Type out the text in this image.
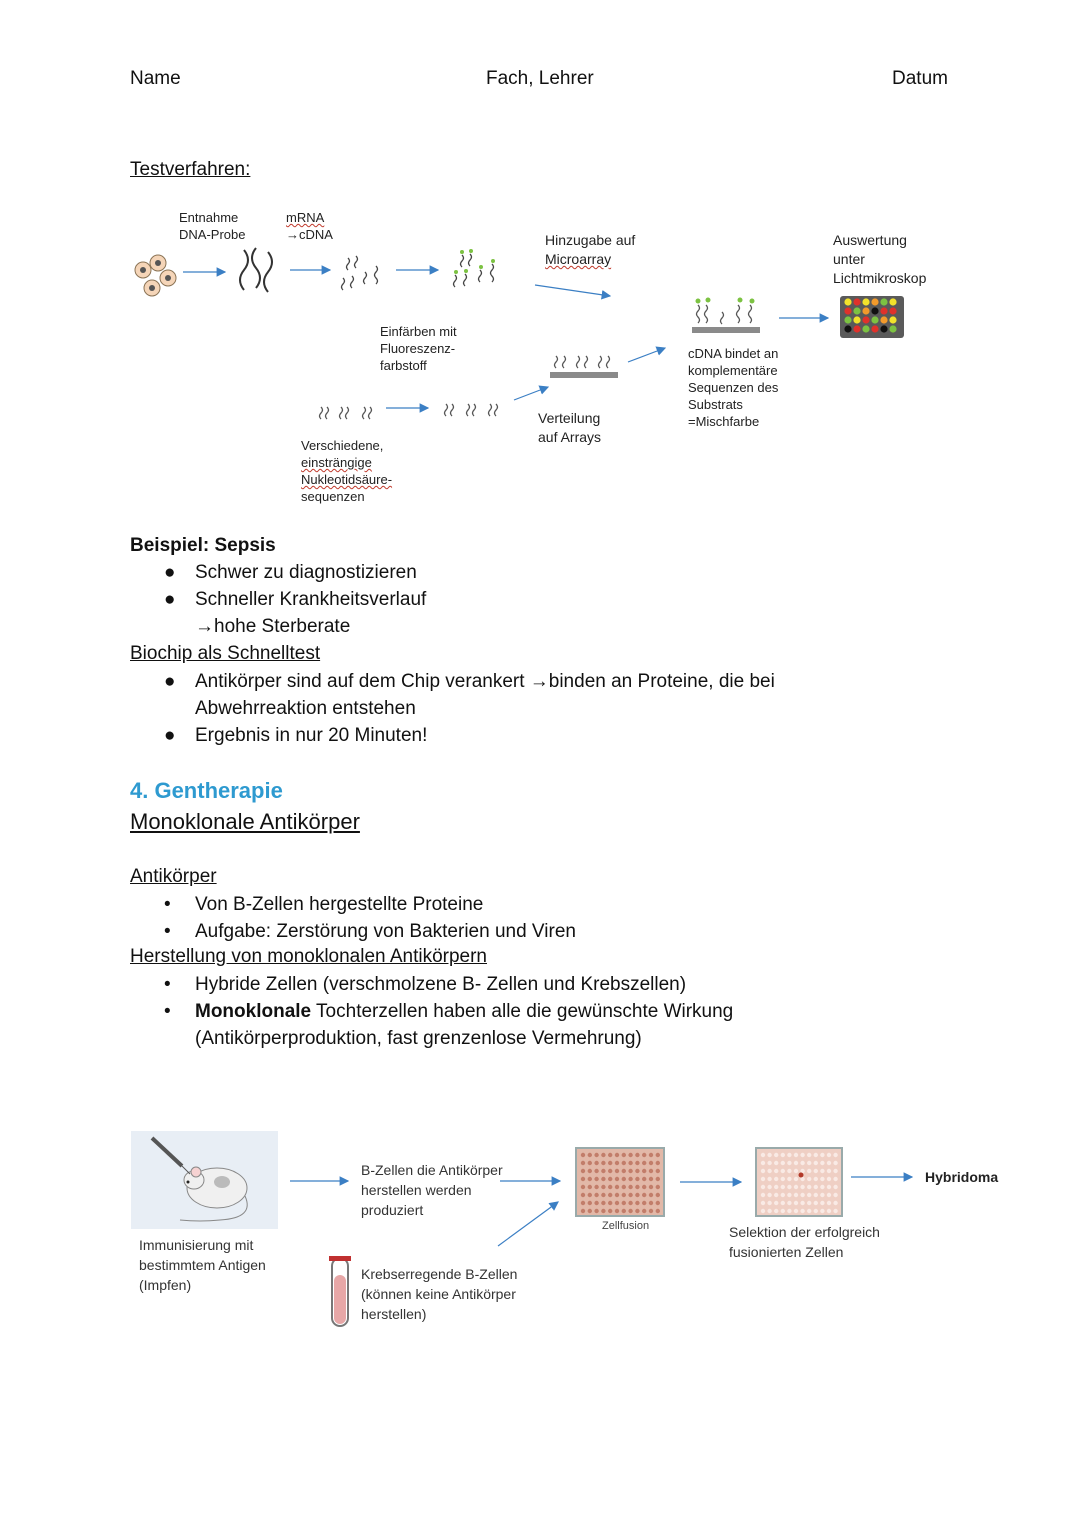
Name	Fach, Lehrer	Datum
Testverfahren:
Entnahme
DNA-Probe
mRNA
→cDNA	Hinzugabe auf
Microarray
Auswertung
unter
Lichtmikroskop
Einfärben mit
Fluoreszenz-
farbstoff
cDNA bindet an
komplementäre
Sequenzen des
Substrats
=Mischfarbe
Verteilung
auf Arrays
Verschiedene,
einsträngige
Nukleotidsäure-
sequenzen
Beispiel: Sepsis
● Schwer zu diagnostizieren
● Schneller Krankheitsverlauf
→hohe Sterberate
Biochip als Schnelltest
● Antikörper sind auf dem Chip verankert →binden an Proteine, die bei
Abwehrreaktion entstehen
● Ergebnis in nur 20 Minuten!
4. Gentherapie
Monoklonale Antikörper
Antikörper
• Von B-Zellen hergestellte Proteine
• Aufgabe: Zerstörung von Bakterien und Viren
Herstellung von monoklonalen Antikörpern
• Hybride Zellen (verschmolzene B- Zellen und Krebszellen)
• Monoklonale Tochterzellen haben alle die gewünschte Wirkung
(Antikörperproduktion, fast grenzenlose Vermehrung)
Immunisierung mit
bestimmtem Antigen
(Impfen)
B-Zellen die Antikörper
herstellen werden
produziert
Krebserregende B-Zellen
(können keine Antikörper
herstellen)
Zellfusion	Selektion der erfolgreich
fusionierten Zellen
Hybridoma
